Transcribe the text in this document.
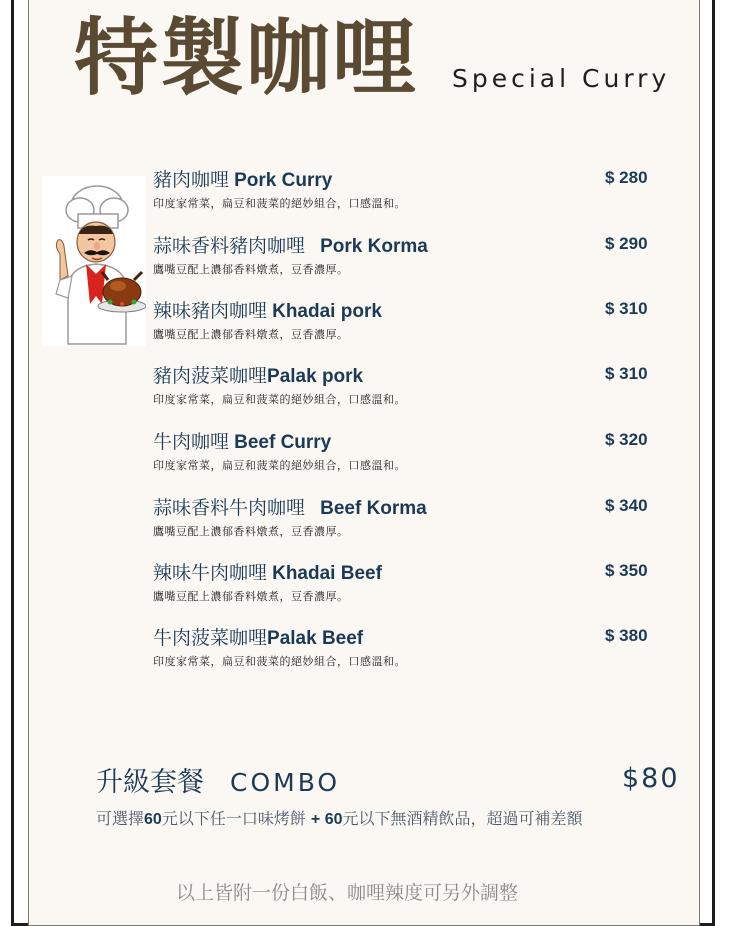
特製咖哩 Special Curry
豬肉咖哩 Pork Curry
印度家常菜，扁豆和菠菜的絕妙組合，口感溫和。
$ 280
蒜味香料豬肉咖哩 Pork Korma
鷹嘴豆配上濃郁香料燉煮，豆香濃厚。
$ 290
辣味豬肉咖哩 Khadai pork
鷹嘴豆配上濃郁香料燉煮，豆香濃厚。
$ 310
豬肉菠菜咖哩Palak pork
印度家常菜，扁豆和菠菜的絕妙組合，口感溫和。
$ 310
牛肉咖哩 Beef Curry
印度家常菜，扁豆和菠菜的絕妙組合，口感溫和。
$ 320
蒜味香料牛肉咖哩 Beef Korma
鷹嘴豆配上濃郁香料燉煮，豆香濃厚。
$ 340
辣味牛肉咖哩 Khadai Beef
鷹嘴豆配上濃郁香料燉煮，豆香濃厚。
$ 350
牛肉菠菜咖哩Palak Beef
印度家常菜，扁豆和菠菜的絕妙組合，口感溫和。
$ 380
升級套餐 COMBO	$80
可選擇60元以下任一口味烤餅 + 60元以下無酒精飲品，超過可補差額
以上皆附一份白飯、咖哩辣度可另外調整
